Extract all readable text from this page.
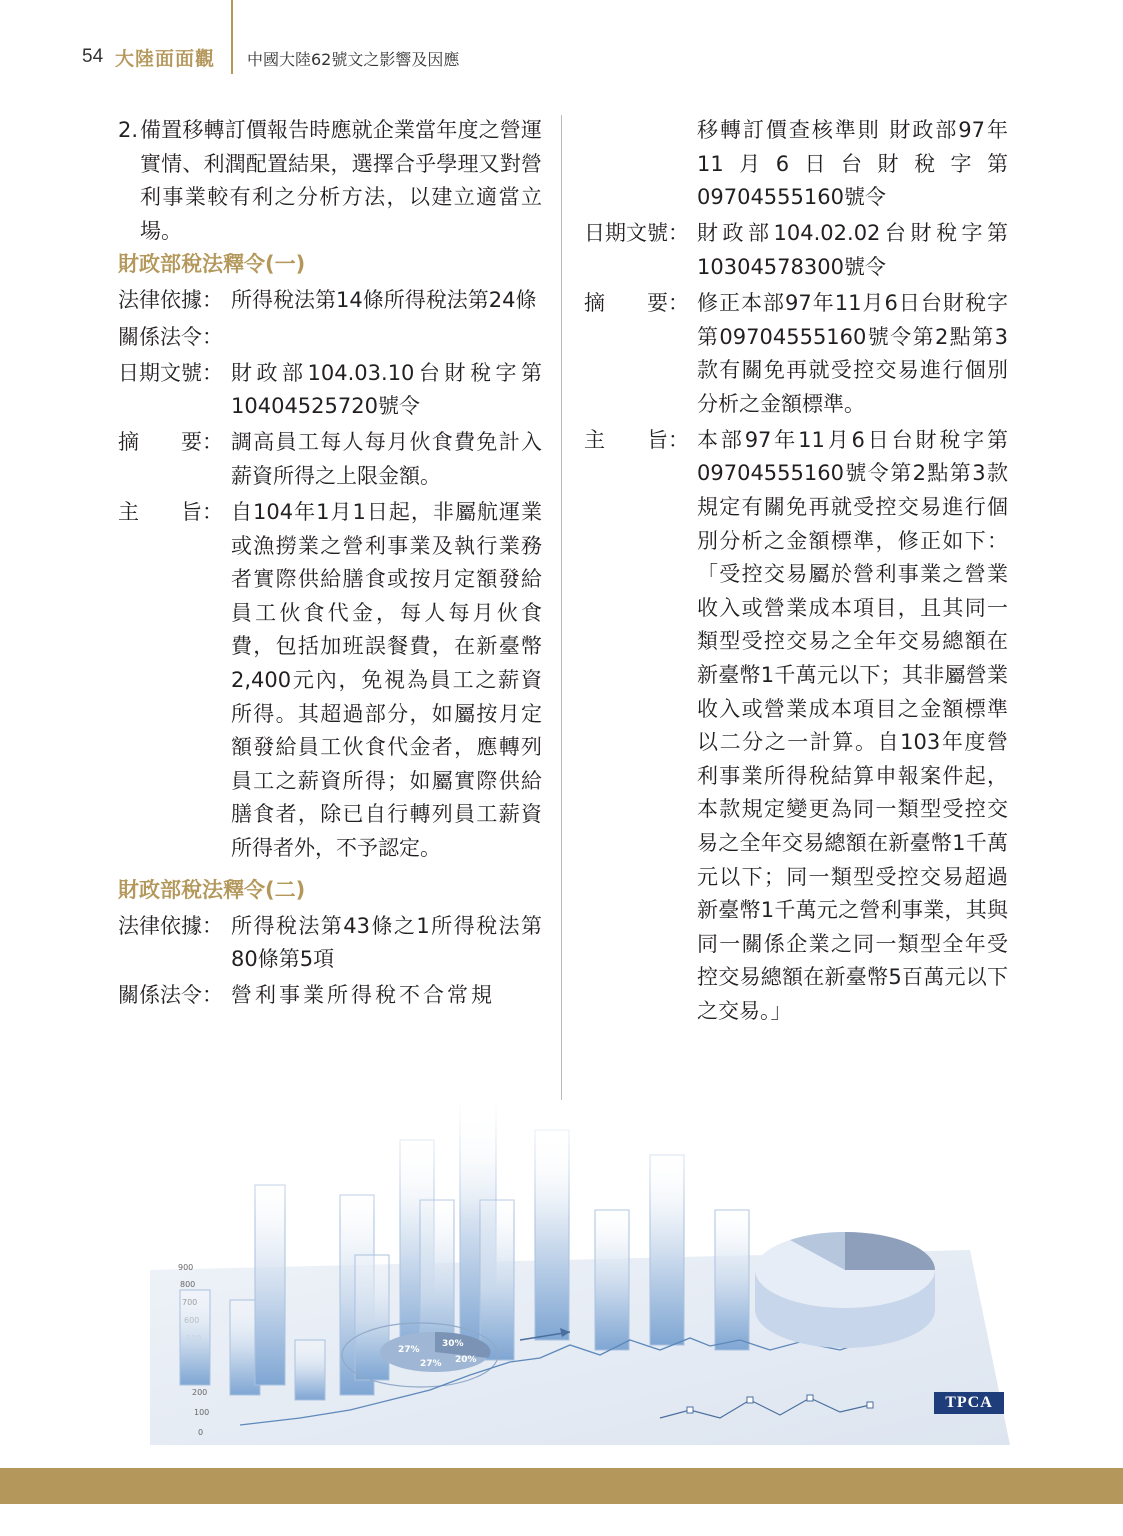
54 大陸面面觀 中國大陸62號文之影響及因應
2. 備置移轉訂價報告時應就企業當年度之營運實情、利潤配置結果，選擇合乎學理又對營利事業較有利之分析方法，以建立適當立場。

財政部稅法釋令(一)

法律依據： 所得稅法第14條所得稅法第24條
關係法令：
日期文號： 財政部104.03.10台財稅字第10404525720號令
摘　　要： 調高員工每人每月伙食費免計入薪資所得之上限金額。
主　　旨： 自104年1月1日起，非屬航運業或漁撈業之營利事業及執行業務者實際供給膳食或按月定額發給員工伙食代金，每人每月伙食費，包括加班誤餐費，在新臺幣2,400元內，免視為員工之薪資所得。其超過部分，如屬按月定額發給員工伙食代金者，應轉列員工之薪資所得；如屬實際供給膳食者，除已自行轉列員工薪資所得者外，不予認定。

財政部稅法釋令(二)

法律依據： 所得稅法第43條之1所得稅法第80條第5項
關係法令： 營利事業所得稅不合常規
移轉訂價查核準則 財政部97年11月6日台財稅字第09704555160號令
日期文號： 財政部104.02.02台財稅字第10304578300號令
摘　　要： 修正本部97年11月6日台財稅字第09704555160號令第2點第3款有關免再就受控交易進行個別分析之金額標準。
主　　旨： 本部97年11月6日台財稅字第09704555160號令第2點第3款規定有關免再就受控交易進行個別分析之金額標準，修正如下：「受控交易屬於營利事業之營業收入或營業成本項目，且其同一類型受控交易之全年交易總額在新臺幣1千萬元以下；其非屬營業收入或營業成本項目之金額標準以二分之一計算。自103年度營利事業所得稅結算申報案件起，本款規定變更為同一類型受控交易之全年交易總額在新臺幣1千萬元以下；同一類型受控交易超過新臺幣1千萬元之營利事業，其與同一關係企業之同一類型全年受控交易總額在新臺幣5百萬元以下之交易。」
30%
27%
27% 20%
TPCA
